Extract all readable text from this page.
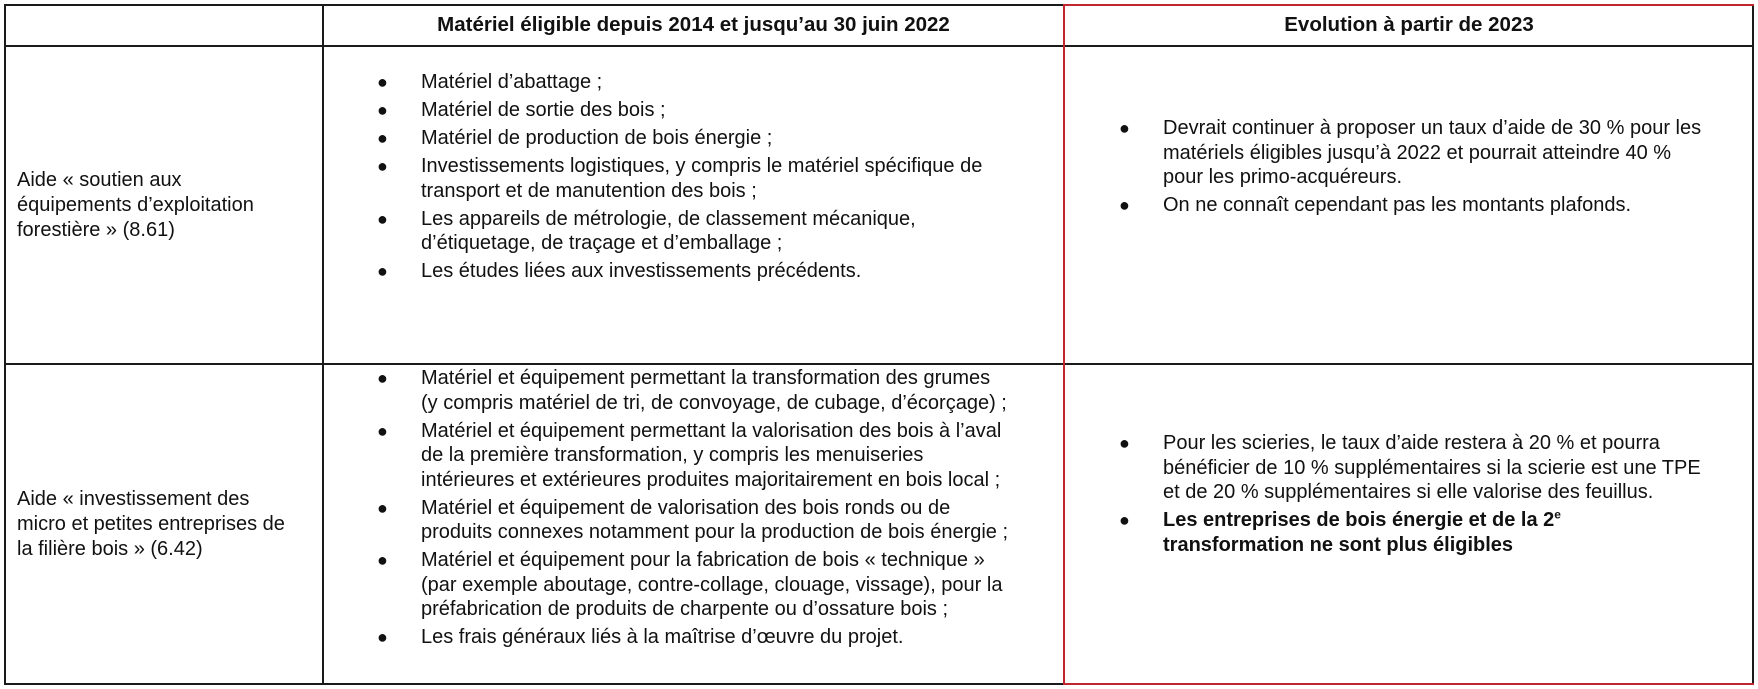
Matériel éligible depuis 2014 et jusqu’au 30 juin 2022	Evolution à partir de 2023
Aide « soutien aux
équipements d’exploitation
forestière » (8.61)
● Matériel d’abattage ;
● Matériel de sortie des bois ;
● Matériel de production de bois énergie ;
● Investissements logistiques, y compris le matériel spécifique de
transport et de manutention des bois ;
● Les appareils de métrologie, de classement mécanique,
d’étiquetage, de traçage et d’emballage ;
● Les études liées aux investissements précédents.
● Devrait continuer à proposer un taux d’aide de 30 % pour les
matériels éligibles jusqu’à 2022 et pourrait atteindre 40 %
pour les primo-acquéreurs.
● On ne connaît cependant pas les montants plafonds.
Aide « investissement des
micro et petites entreprises de
la filière bois » (6.42)
● Matériel et équipement permettant la transformation des grumes
(y compris matériel de tri, de convoyage, de cubage, d’écorçage) ;
● Matériel et équipement permettant la valorisation des bois à l’aval
de la première transformation, y compris les menuiseries
intérieures et extérieures produites majoritairement en bois local ;
● Matériel et équipement de valorisation des bois ronds ou de
produits connexes notamment pour la production de bois énergie ;
● Matériel et équipement pour la fabrication de bois « technique »
(par exemple aboutage, contre-collage, clouage, vissage), pour la
préfabrication de produits de charpente ou d’ossature bois ;
● Les frais généraux liés à la maîtrise d’œuvre du projet.
● Pour les scieries, le taux d’aide restera à 20 % et pourra
bénéficier de 10 % supplémentaires si la scierie est une TPE
et de 20 % supplémentaires si elle valorise des feuillus.
● Les entreprises de bois énergie et de la 2e
transformation ne sont plus éligibles
